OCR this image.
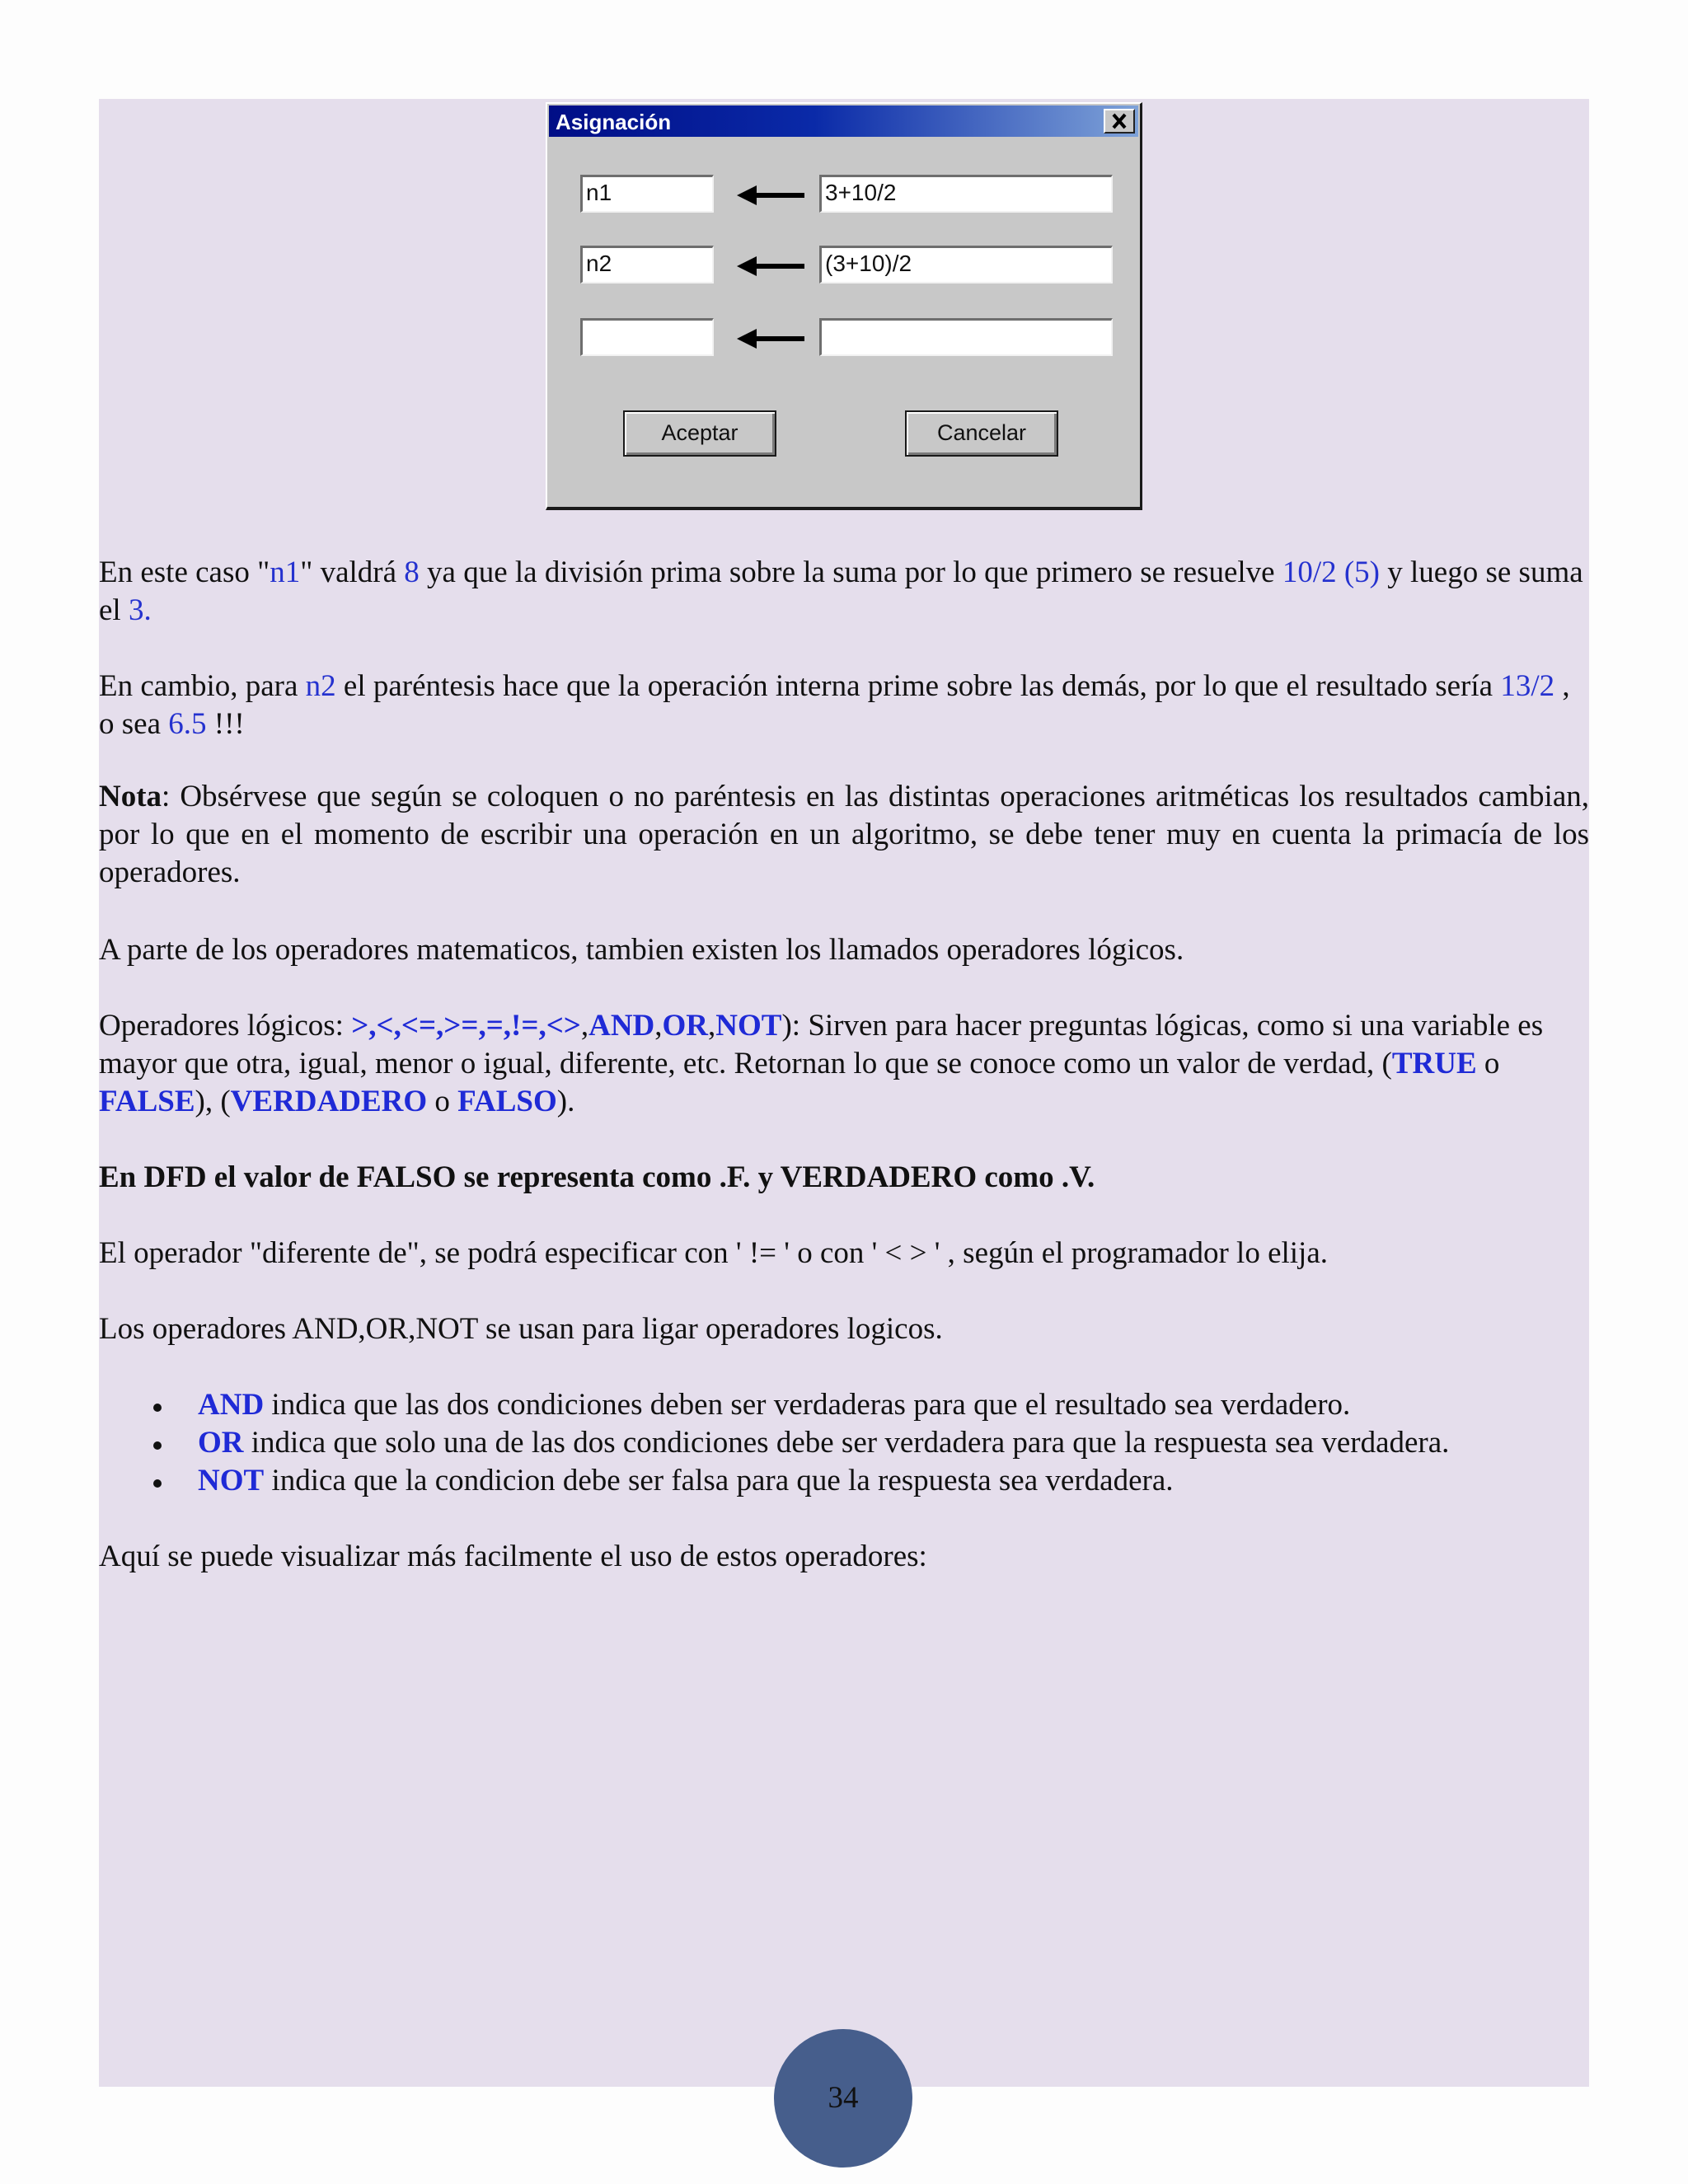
Asignación
n1	3+10/2
n2	(3+10)/2
Aceptar	Cancelar

En este caso "n1" valdrá 8 ya que la división prima sobre la suma por lo que primero se resuelve 10/2 (5) y luego se suma el 3.

En cambio, para n2 el paréntesis hace que la operación interna prime sobre las demás, por lo que el resultado sería 13/2 , o sea 6.5 !!!

Nota: Obsérvese que según se coloquen o no paréntesis en las distintas operaciones aritméticas los resultados cambian, por lo que en el momento de escribir una operación en un algoritmo, se debe tener muy en cuenta la primacía de los operadores.

A parte de los operadores matematicos, tambien existen los llamados operadores lógicos.

Operadores lógicos: >,<,<=,>=,=,!=,<>,AND,OR,NOT): Sirven para hacer preguntas lógicas, como si una variable es mayor que otra, igual, menor o igual, diferente, etc. Retornan lo que se conoce como un valor de verdad, (TRUE o FALSE), (VERDADERO o FALSO).

En DFD el valor de FALSO se representa como .F. y VERDADERO como .V.

El operador "diferente de", se podrá especificar con ' != ' o con ' < > ' , según el programador lo elija.

Los operadores AND,OR,NOT se usan para ligar operadores logicos.

AND indica que las dos condiciones deben ser verdaderas para que el resultado sea verdadero.

OR indica que solo una de las dos condiciones debe ser verdadera para que la respuesta sea verdadera.

NOT indica que la condicion debe ser falsa para que la respuesta sea verdadera.

Aquí se puede visualizar más facilmente el uso de estos operadores:

34
